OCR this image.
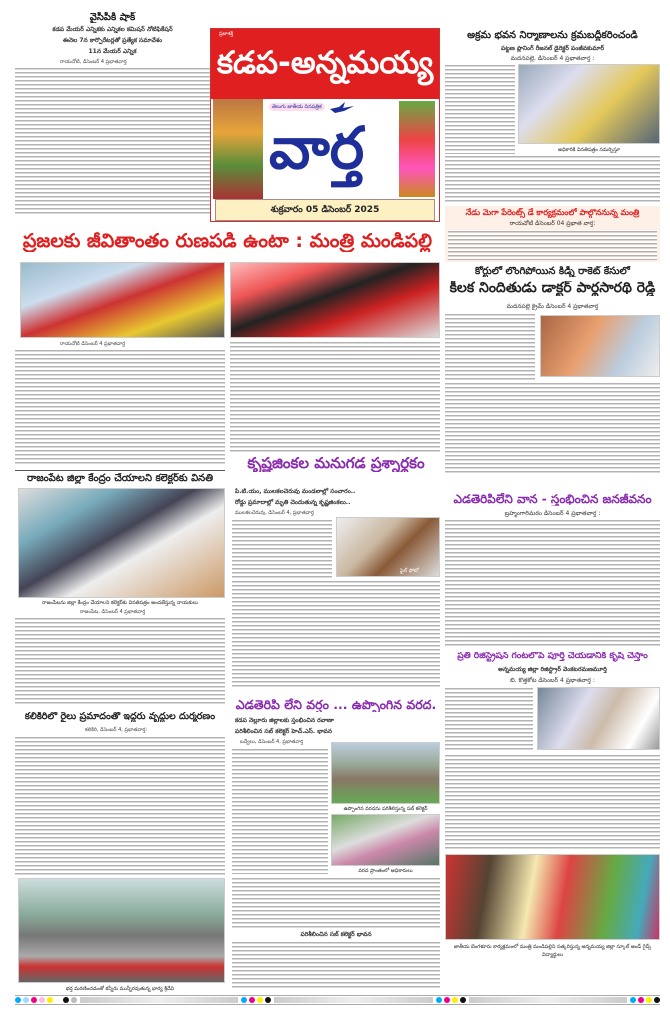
వైసీపీకి షాక్
కడప మేయర్ ఎన్నికకు ఎన్నికల కమిషన్ నోటిఫికేషన్
ఈనెల 7న కార్పొరేటర్లతో ప్రత్యేక సమావేశం
11న మేయర్ ఎన్నిక
రాయచోటి, డిసెంబర్ 4 ప్రభాతవార్త
ప్రజాశక్తి
కడప-అన్నమయ్య
తెలుగు జాతీయ దినపత్రిక
వార్త
శుక్రవారం 05 డిసెంబర్ 2025
అక్రమ భవన నిర్మాణాలను క్రమబద్ధీకరించండి
పట్టణ ప్లానింగ్ రీజనల్ డైరెక్టర్ పంజీవకుమార్
మదనపల్లె, డిసెంబర్ 4 ప్రభాతవార్త :
అధికారికి వినతిపత్రం సమర్పిస్తూ
ప్రజలకు జీవితాంతం రుణపడి ఉంటా : మంత్రి మండిపల్లి
రాయచోటి డిసెంబర్ 4 ప్రభాతవార్త
నేడు మెగా పేరెంట్స్ డే కార్యక్రమంలో పాల్గొననున్న మంత్రి
రాయచోటి డిసెంబర్ 04 ప్రభాత వార్త:
కోర్టులో లొంగిపోయిన కిడ్నీ రాకెట్ కేసులో
కీలక నిందితుడు డాక్టర్ పార్థసారథి రెడ్డి
మదనపల్లె క్రైమ్ డిసెంబర్ 4 ప్రభాతవార్త
రాజంపేట జిల్లా కేంద్రం చేయాలని కలెక్టర్‌కు వినతి
రాజంపేటను జిల్లా కేంద్రం చేయాలని కలెక్టర్‌కు వినతిపత్రం అందజేస్తున్న నాయకులు
రాజంపేట, డిసెంబర్ 4 ప్రభాతవార్త
కృష్ణజింకల మనుగడ ప్రశ్నార్థకం
పి.టి.యం, ములకలచెరువు మండలాల్లో సంచారం..
రోడ్డు ప్రమాదాల్లో మృతి చెందుతున్న కృష్ణజింకలు..
ములకలచెరువు, డిసెంబర్ 4, ప్రభాతవార్త
ఫైల్ ఫోటో
ఎడతెరిపిలేని వాన - స్తంభించిన జనజీవనం
బ్రహ్మంగారిమఠం డిసెంబర్ 4 ప్రభాతవార్త :
ప్రతి రిజిస్ట్రేషన్ గంటలోపే పూర్తి చేయడానికి కృషి చేస్తాం
అన్నమయ్య జిల్లా రిజిస్ట్రార్ వెంకటరమణమూర్తి
బి. కొత్తకోట డిసెంబర్ 4 ప్రభాతవార్త :
కలికిరిలో రైలు ప్రమాదంతో ఇద్దరు వృద్ధుల దుర్మరణం
కలికిరి, డిసెంబర్ 4, ప్రభాతవార్త:
భర్త మరణించడంతో కన్నీరు మున్నీరవుతున్న భార్య శ్రీదేవి
ఎడతెరిపి లేని వర్షం ... ఉప్పొంగిన వరద.
కడప నెల్లూరు జిల్లాలకు స్తంభించిన రవాణా
పరిశీలించిన సబ్ కలెక్టర్ హెచ్.ఎస్. భావన
బద్వేలు, డిసెంబర్ 4, ప్రభాతవార్త
ఉప్పొంగిన వరదను పరిశీలిస్తున్న సబ్ కలెక్టర్
వరద ప్రాంతంలో అధికారులు
పరిశీలించిన సబ్ కలెక్టర్ భావన
జాతీయ బెంగళూరు కార్యక్రమంలో మంత్రి మండిపల్లిని సత్కరిస్తున్న అన్నమయ్య జిల్లా స్కూల్ అండ్ గైడ్స్ విద్యార్థులు
